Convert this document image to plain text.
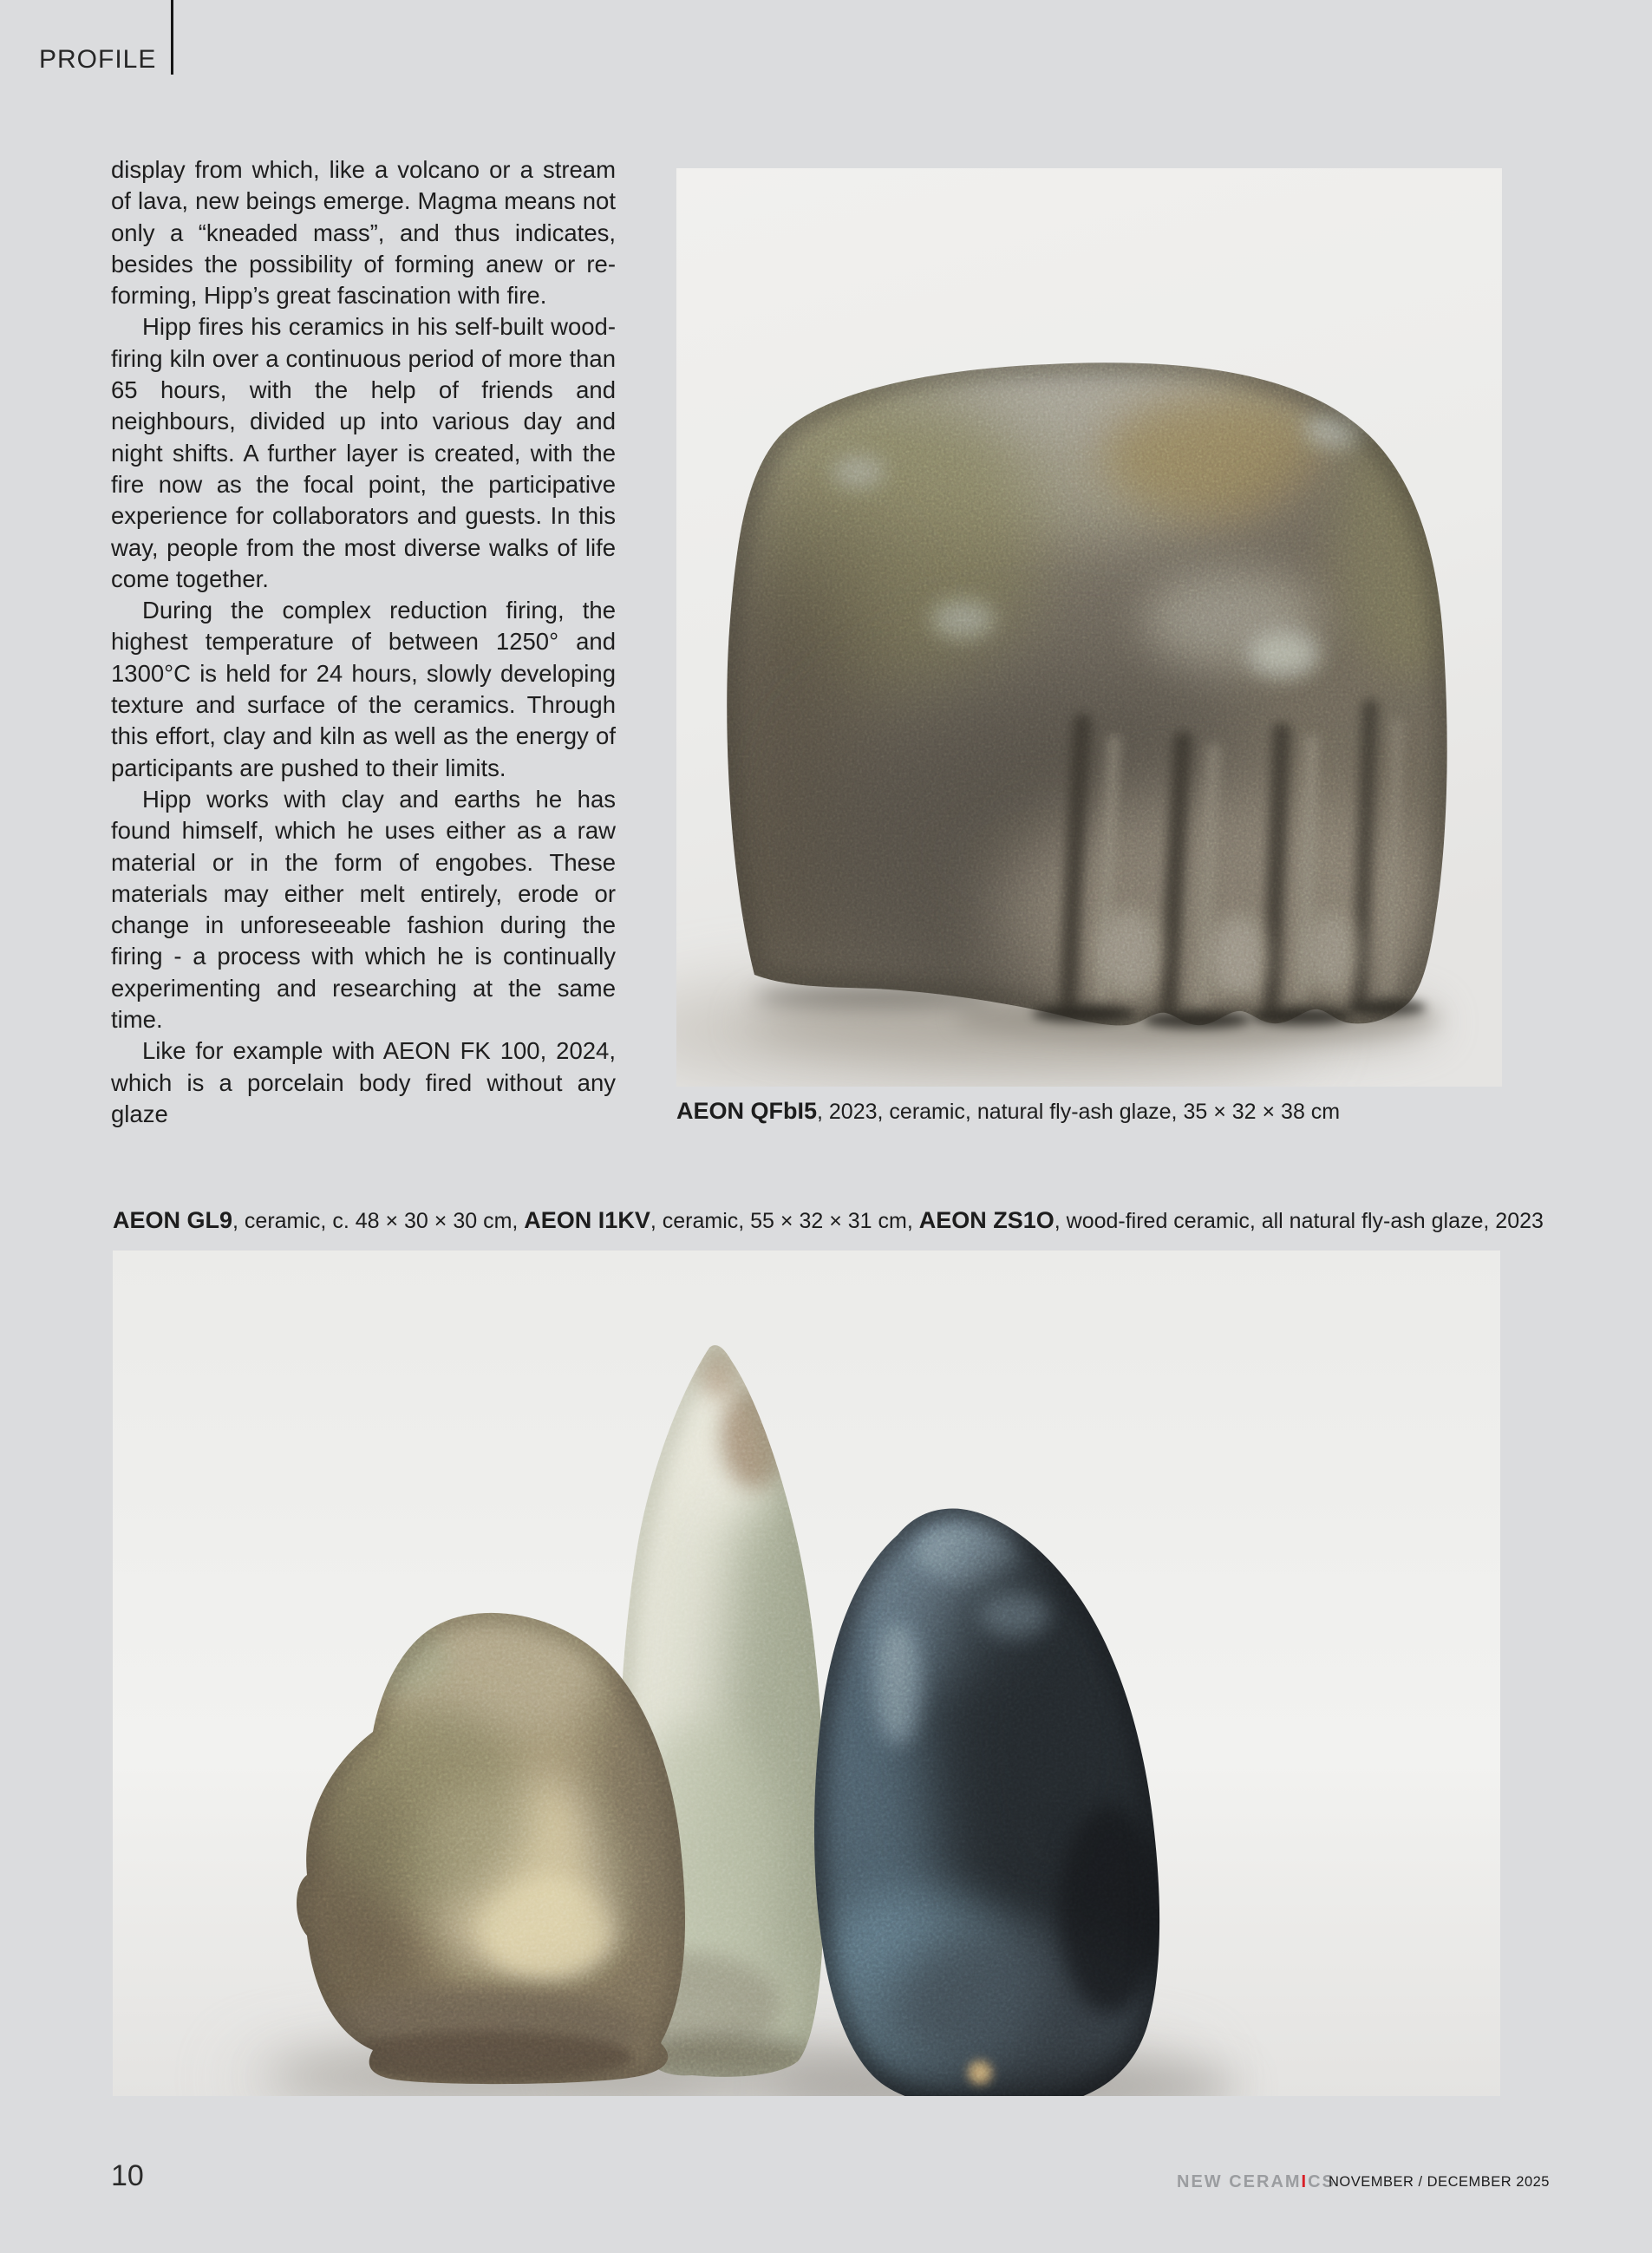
PROFILE

display from which, like a volcano or a stream of lava, new beings emerge. Magma means not only a “kneaded mass”, and thus indicates, besides the possibility of forming anew or re-forming, Hipp’s great fascination with fire.

Hipp fires his ceramics in his self-built wood-firing kiln over a continuous period of more than 65 hours, with the help of friends and neighbours, divided up into various day and night shifts. A further layer is created, with the fire now as the focal point, the participative experience for collaborators and guests. In this way, people from the most diverse walks of life come together.

During the complex reduction firing, the highest temperature of between 1250° and 1300°C is held for 24 hours, slowly developing texture and surface of the ceramics. Through this effort, clay and kiln as well as the energy of participants are pushed to their limits.

Hipp works with clay and earths he has found himself, which he uses either as a raw material or in the form of engobes. These materials may either melt entirely, erode or change in unforeseeable fashion during the firing - a process with which he is continually experimenting and researching at the same time.

Like for example with AEON FK 100, 2024, which is a porcelain body fired without any glaze	AEON QFbI5, 2023, ceramic, natural fly-ash glaze, 35 × 32 × 38 cm

AEON GL9, ceramic, c. 48 × 30 × 30 cm, AEON I1KV, ceramic, 55 × 32 × 31 cm, AEON ZS1O, wood-fired ceramic, all natural fly-ash glaze, 2023

10	NEW CERAMICS
NOVEMBER / DECEMBER 2025
